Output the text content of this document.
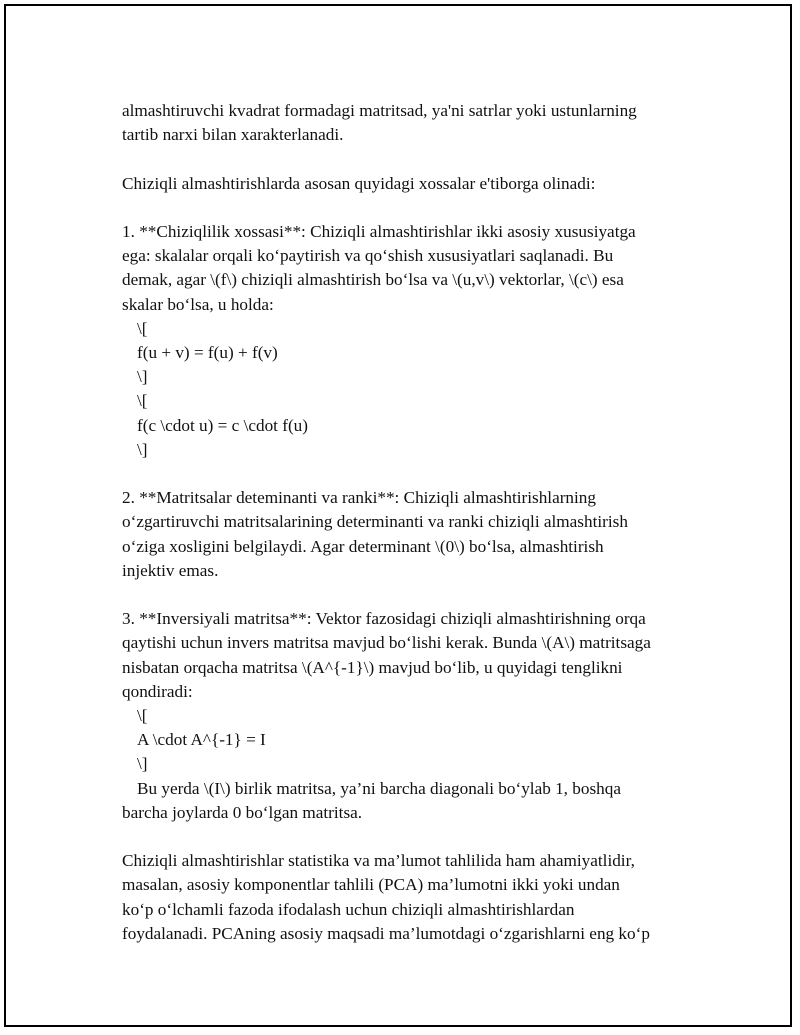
almashtiruvchi kvadrat formadagi matritsad, ya'ni satrlar yoki ustunlarning

tartib narxi bilan xarakterlanadi.

Chiziqli almashtirishlarda asosan quyidagi xossalar e'tiborga olinadi:

1. **Chiziqlilik xossasi**: Chiziqli almashtirishlar ikki asosiy xususiyatga

ega: skalalar orqali ko‘paytirish va qo‘shish xususiyatlari saqlanadi. Bu

demak, agar \(f\) chiziqli almashtirish bo‘lsa va \(u,v\) vektorlar, \(c\) esa

skalar bo‘lsa, u holda:

\[

f(u + v) = f(u) + f(v)

\]

\[

f(c \cdot u) = c \cdot f(u)

\]

2. **Matritsalar deteminanti va ranki**: Chiziqli almashtirishlarning

o‘zgartiruvchi matritsalarining determinanti va ranki chiziqli almashtirish

o‘ziga xosligini belgilaydi. Agar determinant \(0\) bo‘lsa, almashtirish

injektiv emas.

3. **Inversiyali matritsa**: Vektor fazosidagi chiziqli almashtirishning orqa

qaytishi uchun invers matritsa mavjud bo‘lishi kerak. Bunda \(A\) matritsaga

nisbatan orqacha matritsa \(A^{-1}\) mavjud bo‘lib, u quyidagi tenglikni

qondiradi:

\[

A \cdot A^{-1} = I

\]

Bu yerda \(I\) birlik matritsa, ya’ni barcha diagonali bo‘ylab 1, boshqa

barcha joylarda 0 bo‘lgan matritsa.

Chiziqli almashtirishlar statistika va ma’lumot tahlilida ham ahamiyatlidir,

masalan, asosiy komponentlar tahlili (PCA) ma’lumotni ikki yoki undan

ko‘p o‘lchamli fazoda ifodalash uchun chiziqli almashtirishlardan

foydalanadi. PCAning asosiy maqsadi ma’lumotdagi o‘zgarishlarni eng ko‘p
